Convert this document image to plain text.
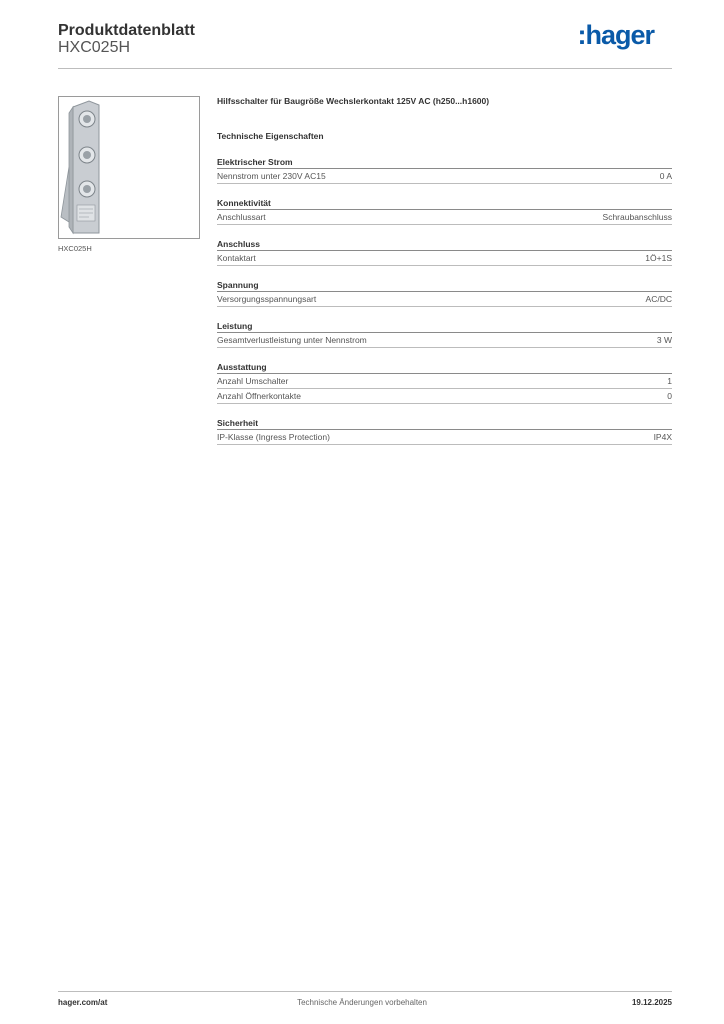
Produktdatenblatt
HXC025H	:hager
HXC025H
Hilfsschalter für Baugröße Wechslerkontakt 125V AC (h250...h1600)
Technische Eigenschaften
Elektrischer Strom
Nennstrom unter 230V AC15	0 A
Konnektivität
Anschlussart	Schraubanschluss
Anschluss
Kontaktart	1Ö+1S
Spannung
Versorgungsspannungsart	AC/DC
Leistung
Gesamtverlustleistung unter Nennstrom	3 W
Ausstattung
Anzahl Umschalter	1
Anzahl Öffnerkontakte	0
Sicherheit
IP-Klasse (Ingress Protection)	IP4X
hager.com/at	Technische Änderungen vorbehalten	19.12.2025
